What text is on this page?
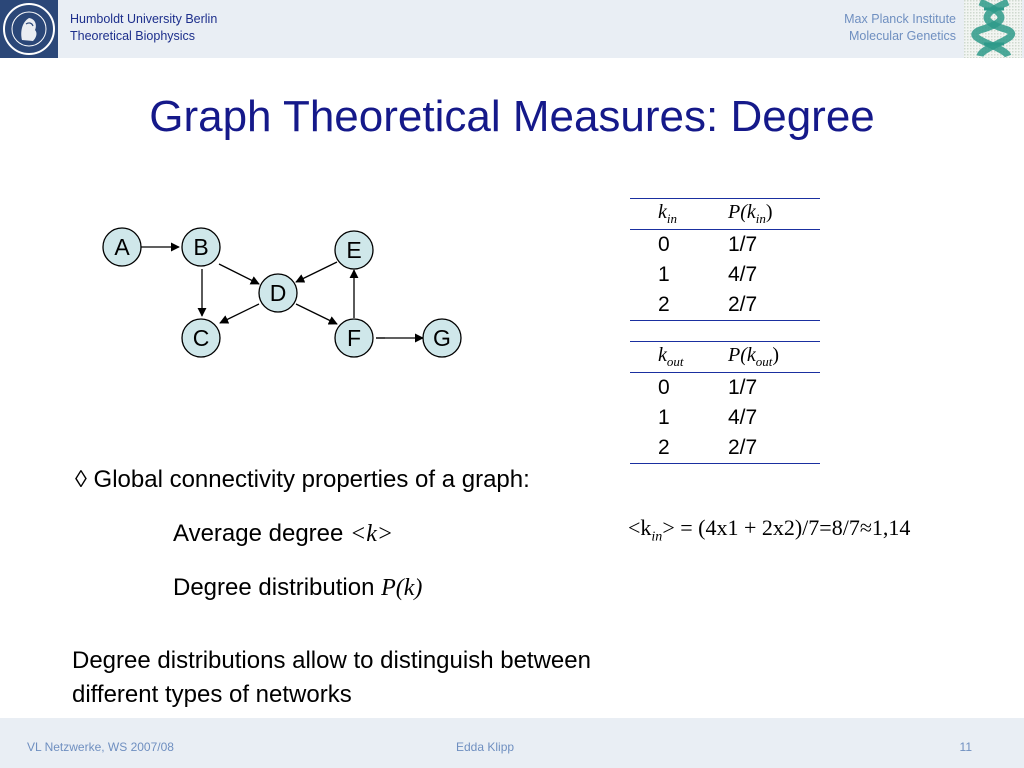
Humboldt University Berlin
Theoretical Biophysics
Max Planck Institute
Molecular Genetics
Graph Theoretical Measures: Degree
A	B
C
D
E
F	G
$k_{in}$	$P(k_{in})$
0	1/7
1	4/7
2	2/7
$k_{out}$	$P(k_{out})$
0	1/7
1	4/7
2	2/7
$<k_{in}> = (4x1 + 2x2)/7=8/7\approx 1,14$
◊ Global connectivity properties of a graph:
Average degree <k>
Degree distribution P(k)
Degree distributions allow to distinguish between
different types of networks
VL Netzwerke, WS 2007/08	Edda Klipp	11
